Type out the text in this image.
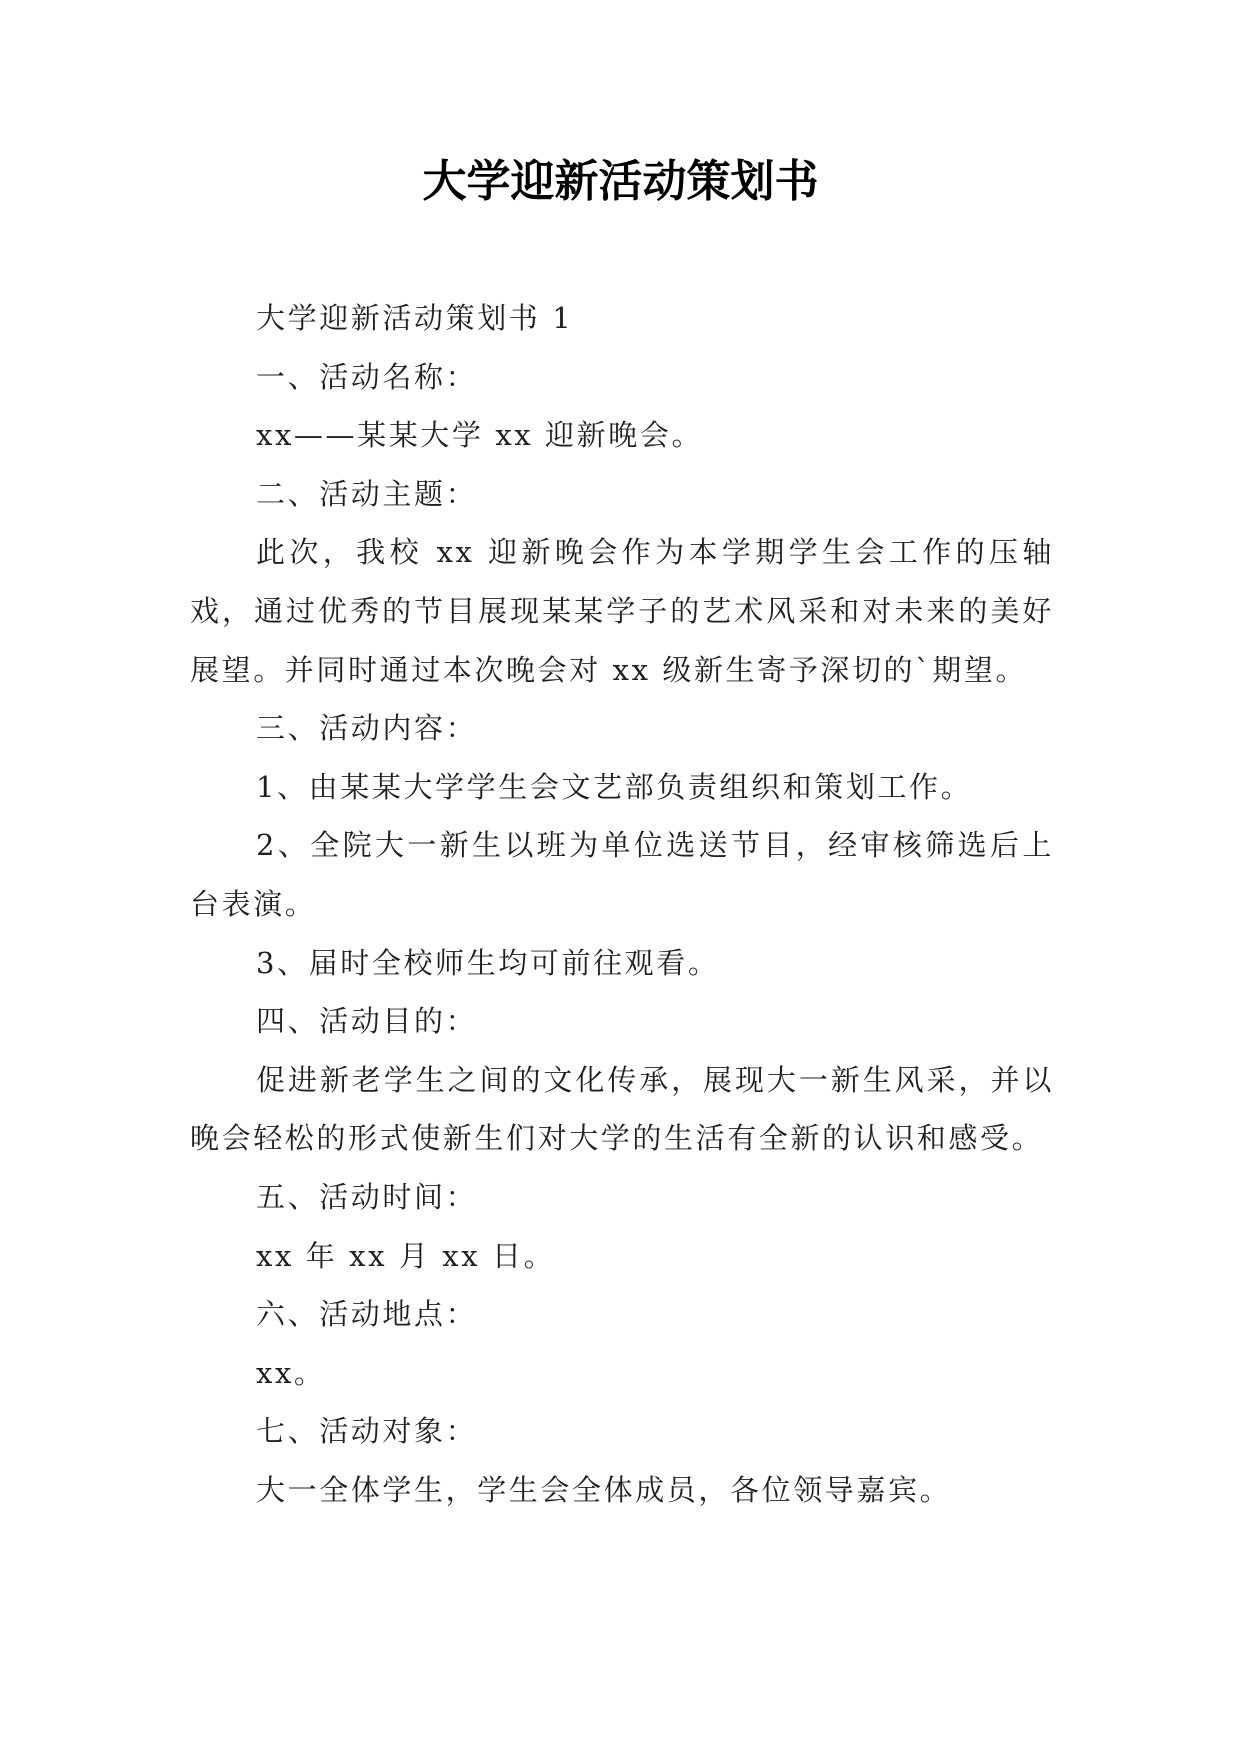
大学迎新活动策划书

大学迎新活动策划书 1

一、活动名称：

xx——某某大学 xx 迎新晚会。

二、活动主题：

此次，我校 xx 迎新晚会作为本学期学生会工作的压轴戏，通过优秀的节目展现某某学子的艺术风采和对未来的美好展望。并同时通过本次晚会对 xx 级新生寄予深切的`期望。

三、活动内容：

1、由某某大学学生会文艺部负责组织和策划工作。

2、全院大一新生以班为单位选送节目，经审核筛选后上台表演。

3、届时全校师生均可前往观看。

四、活动目的：

促进新老学生之间的文化传承，展现大一新生风采，并以晚会轻松的形式使新生们对大学的生活有全新的认识和感受。

五、活动时间：

xx 年 xx 月 xx 日。

六、活动地点：

xx。

七、活动对象：

大一全体学生，学生会全体成员，各位领导嘉宾。
